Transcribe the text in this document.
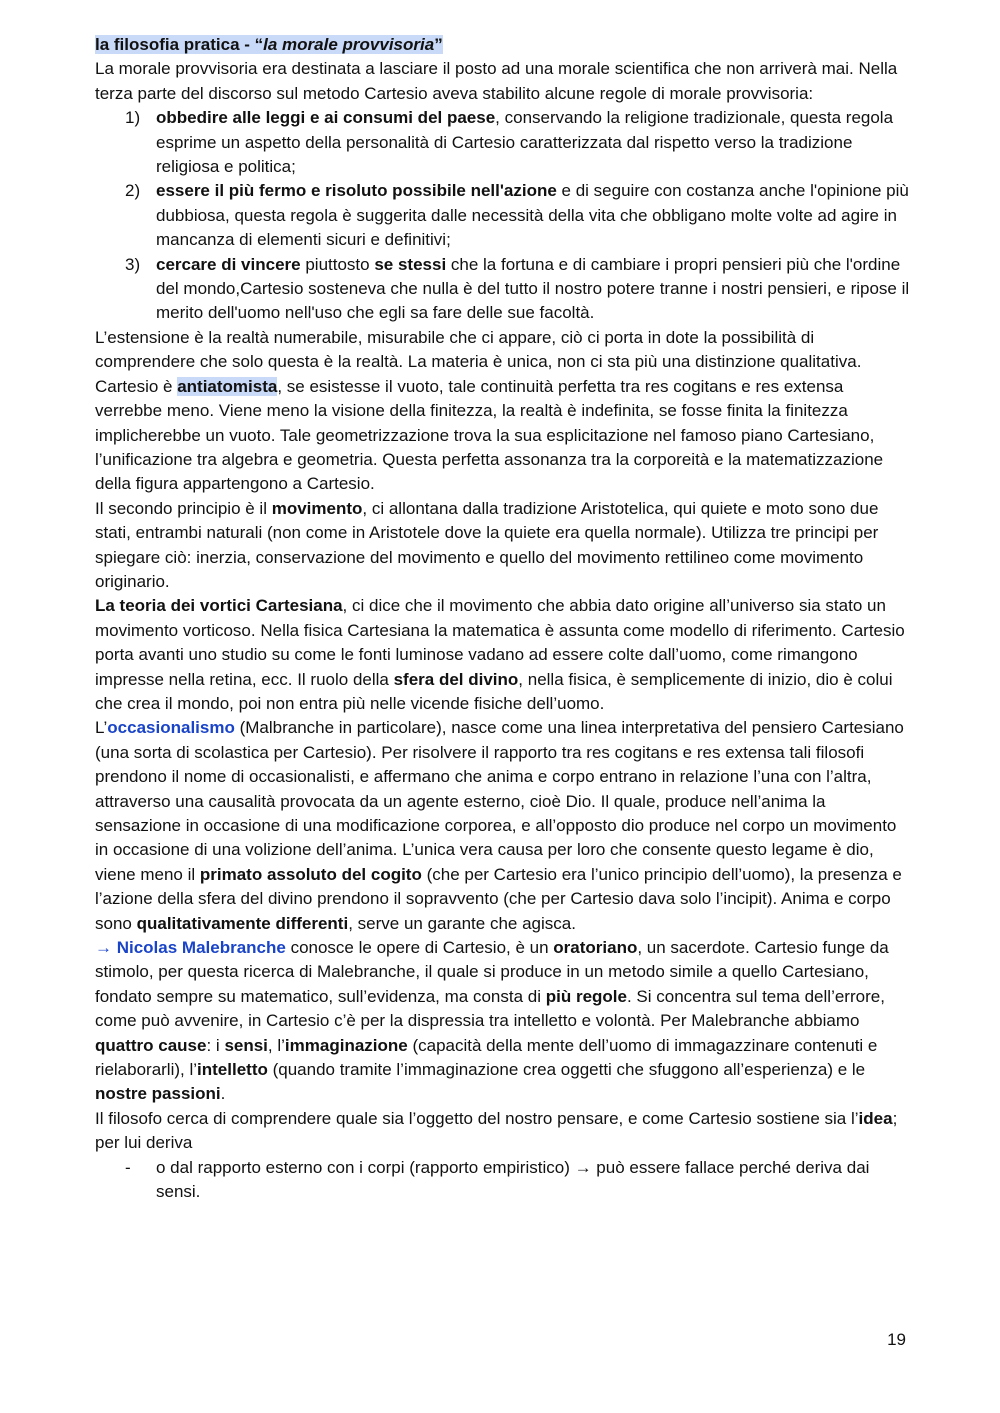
la filosofia pratica - “la morale provvisoria”

La morale provvisoria era destinata a lasciare il posto ad una morale scientifica che non arriverà mai. Nella terza parte del discorso sul metodo Cartesio aveva stabilito alcune regole di morale provvisoria:

1) obbedire alle leggi e ai consumi del paese, conservando la religione tradizionale, questa regola esprime un aspetto della personalità di Cartesio caratterizzata dal rispetto verso la tradizione religiosa e politica;
2) essere il più fermo e risoluto possibile nell'azione e di seguire con costanza anche l'opinione più dubbiosa, questa regola è suggerita dalle necessità della vita che obbligano molte volte ad agire in mancanza di elementi sicuri e definitivi;
3) cercare di vincere piuttosto se stessi che la fortuna e di cambiare i propri pensieri più che l'ordine del mondo,Cartesio sosteneva che nulla è del tutto il nostro potere tranne i nostri pensieri, e ripose il merito dell'uomo nell'uso che egli sa fare delle sue facoltà.

L’estensione è la realtà numerabile, misurabile che ci appare, ciò ci porta in dote la possibilità di comprendere che solo questa è la realtà. La materia è unica, non ci sta più una distinzione qualitativa.

Cartesio è antiatomista, se esistesse il vuoto, tale continuità perfetta tra res cogitans e res extensa verrebbe meno. Viene meno la visione della finitezza, la realtà è indefinita, se fosse finita la finitezza implicherebbe un vuoto. Tale geometrizzazione trova la sua esplicitazione nel famoso piano Cartesiano, l’unificazione tra algebra e geometria. Questa perfetta assonanza tra la corporeità e la matematizzazione della figura appartengono a Cartesio.

Il secondo principio è il movimento, ci allontana dalla tradizione Aristotelica, qui quiete e moto sono due stati, entrambi naturali (non come in Aristotele dove la quiete era quella normale). Utilizza tre principi per spiegare ciò: inerzia, conservazione del movimento e quello del movimento rettilineo come movimento originario.

La teoria dei vortici Cartesiana, ci dice che il movimento che abbia dato origine all’universo sia stato un movimento vorticoso. Nella fisica Cartesiana la matematica è assunta come modello di riferimento. Cartesio porta avanti uno studio su come le fonti luminose vadano ad essere colte dall’uomo, come rimangono impresse nella retina, ecc. Il ruolo della sfera del divino, nella fisica, è semplicemente di inizio, dio è colui che crea il mondo, poi non entra più nelle vicende fisiche dell’uomo.

L’occasionalismo (Malbranche in particolare), nasce come una linea interpretativa del pensiero Cartesiano (una sorta di scolastica per Cartesio). Per risolvere il rapporto tra res cogitans e res extensa tali filosofi prendono il nome di occasionalisti, e affermano che anima e corpo entrano in relazione l’una con l’altra, attraverso una causalità provocata da un agente esterno, cioè Dio. Il quale, produce nell’anima la sensazione in occasione di una modificazione corporea, e all’opposto dio produce nel corpo un movimento in occasione di una volizione dell’anima. L’unica vera causa per loro che consente questo legame è dio, viene meno il primato assoluto del cogito (che per Cartesio era l’unico principio dell’uomo), la presenza e l’azione della sfera del divino prendono il sopravvento (che per Cartesio dava solo l’incipit). Anima e corpo sono qualitativamente differenti, serve un garante che agisca.

→ Nicolas Malebranche conosce le opere di Cartesio, è un oratoriano, un sacerdote. Cartesio funge da stimolo, per questa ricerca di Malebranche, il quale si produce in un metodo simile a quello Cartesiano, fondato sempre su matematico, sull’evidenza, ma consta di più regole. Si concentra sul tema dell’errore, come può avvenire, in Cartesio c’è per la dispressia tra intelletto e volontà. Per Malebranche abbiamo quattro cause: i sensi, l’immaginazione (capacità della mente dell’uomo di immagazzinare contenuti e rielaborarli), l’intelletto (quando tramite l’immaginazione crea oggetti che sfuggono all’esperienza) e le nostre passioni.

Il filosofo cerca di comprendere quale sia l’oggetto del nostro pensare, e come Cartesio sostiene sia l’idea; per lui deriva

- o dal rapporto esterno con i corpi (rapporto empiristico) → può essere fallace perché deriva dai sensi.
19
